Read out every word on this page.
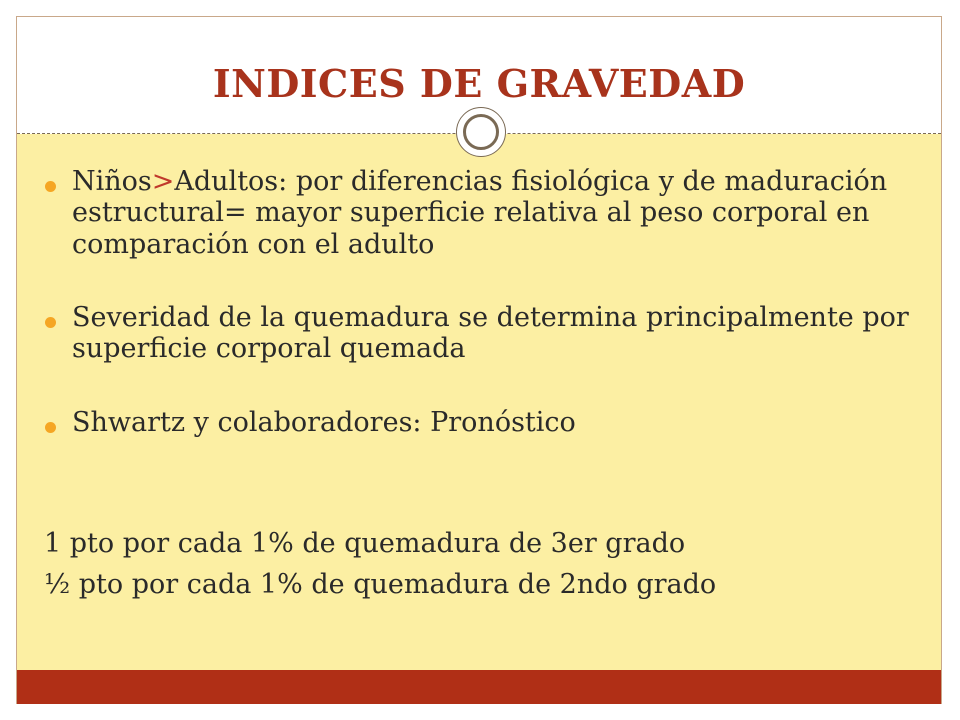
INDICES DE GRAVEDAD
Niños>Adultos: por diferencias fisiológica y de maduración estructural= mayor superficie relativa al peso corporal en comparación con el adulto
Severidad de la quemadura se determina principalmente por superficie corporal quemada
Shwartz y colaboradores: Pronóstico
1 pto por cada 1% de quemadura de 3er grado
½ pto por cada 1% de quemadura de 2ndo grado
